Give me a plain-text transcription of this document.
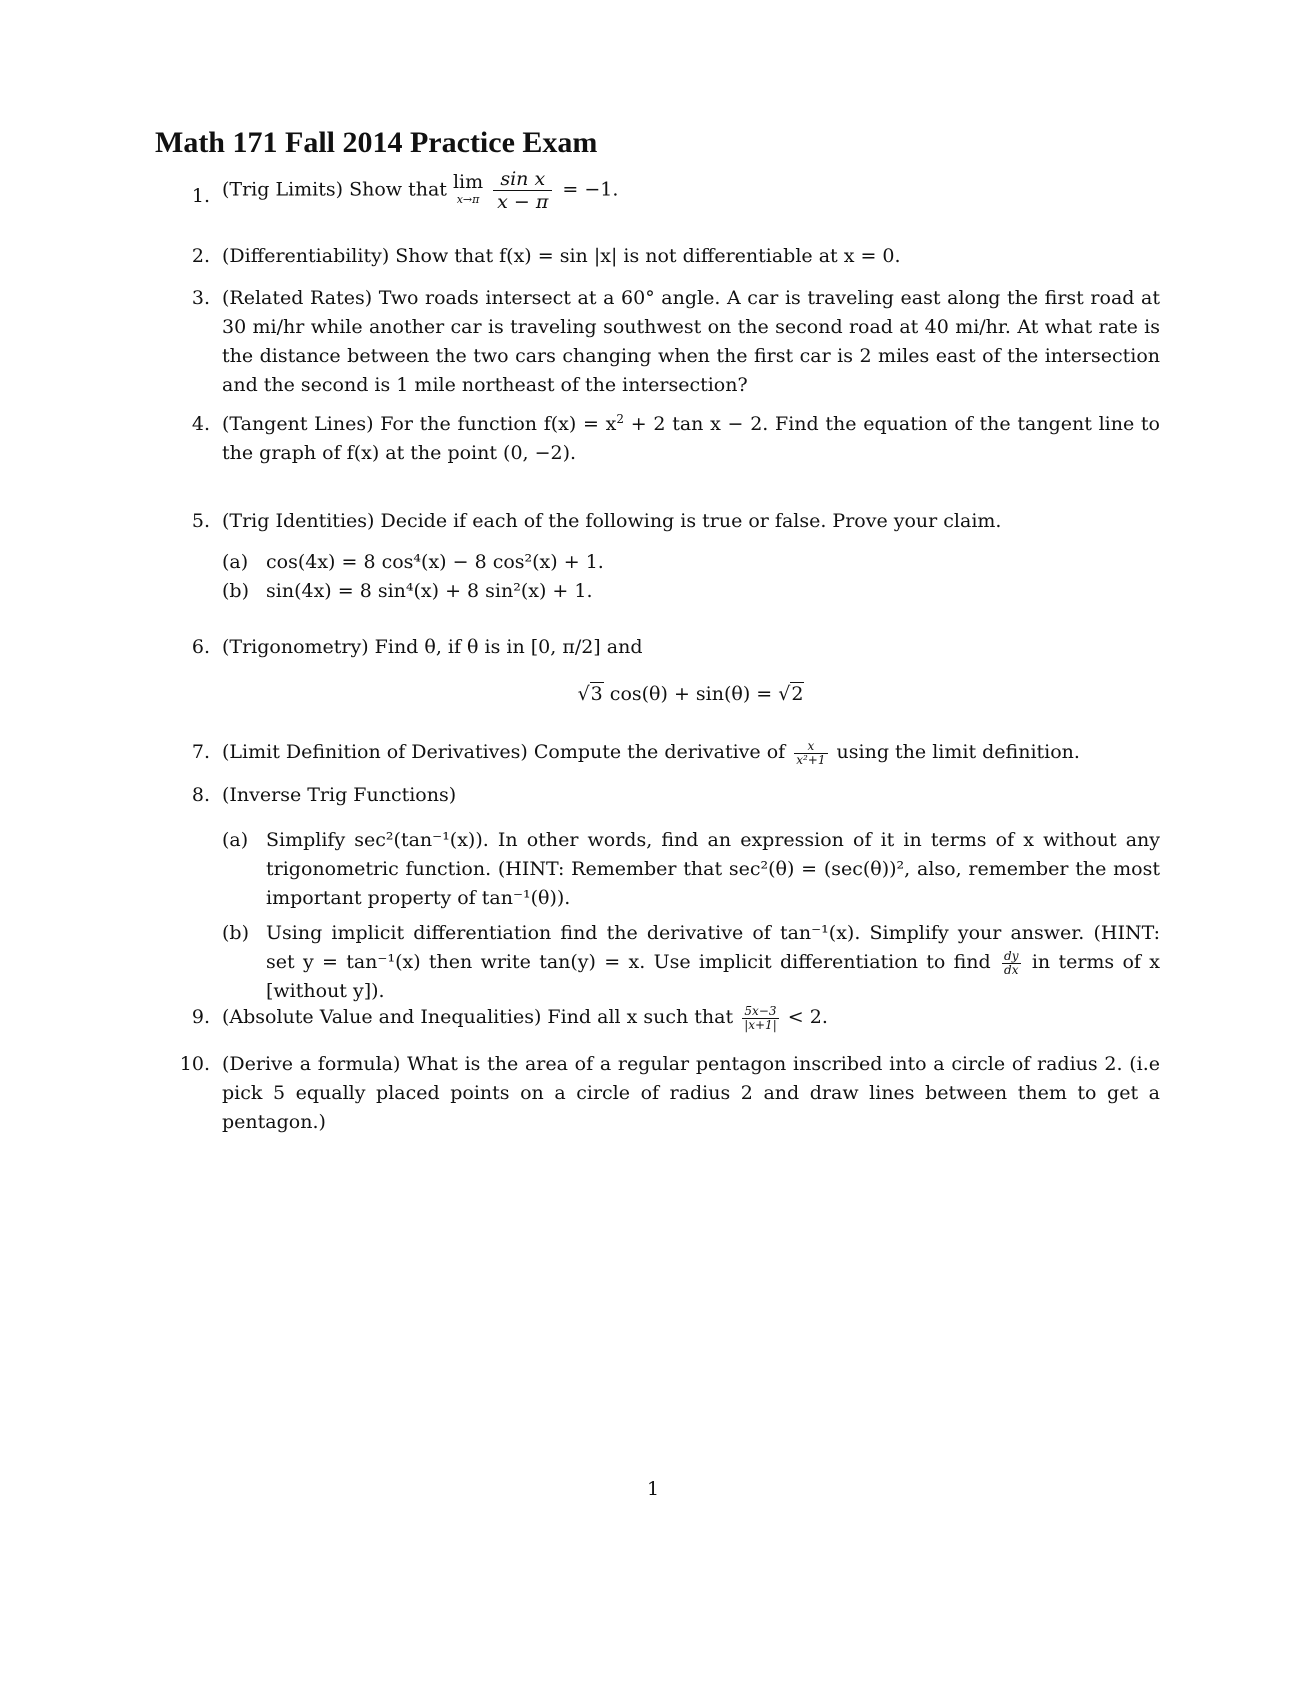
Math 171 Fall 2014 Practice Exam
1. (Trig Limits) Show that lim
x→π
$\frac{\text{sin x}}{x - \pi} = -1$.
2. (Differentiability) Show that f(x) = sin |x| is not differentiable at x = 0.
3. (Related Rates) Two roads intersect at a 60° angle. A car is traveling east along the first road at 30 mi/hr while another car is traveling southwest on the second road at 40 mi/hr. At what rate is the distance between the two cars changing when the first car is 2 miles east of the intersection and the second is 1 mile northeast of the intersection?
4. (Tangent Lines) For the function $f(x) = x^2 + 2$ tan x − 2. Find the equation of the tangent line to the graph of f(x) at the point (0, −2).
5. (Trig Identities) Decide if each of the following is true or false. Prove your claim.
(a) cos(4x) = 8 cos⁴(x) − 8 cos²(x) + 1.
(b) sin(4x) = 8 sin⁴(x) + 8 sin²(x) + 1.
6. (Trigonometry) Find θ, if θ is in [0, π/2] and
√3 cos(θ) + sin(θ) = √2
7. (Limit Definition of Derivatives) Compute the derivative of $\frac{x}{\text{x²+1}}$ using the limit definition.
8. (Inverse Trig Functions)
(a) Simplify sec²(tan⁻¹(x)). In other words, find an expression of it in terms of x without any trigonometric function. (HINT: Remember that sec²(θ) = (sec(θ))², also, remember the most important property of tan⁻¹(θ)).
(b) Using implicit differentiation find the derivative of tan⁻¹(x). Simplify your answer. (HINT: set y = tan⁻¹(x) then write tan(y) = x. Use implicit differentiation to find $\frac{dy}{dx}$ in terms of x [without y]).
9. (Absolute Value and Inequalities) Find all x such that $\frac{5x-3}{|x+1|} < 2$.
10. (Derive a formula) What is the area of a regular pentagon inscribed into a circle of radius 2. (i.e pick 5 equally placed points on a circle of radius 2 and draw lines between them to get a pentagon.)
1
